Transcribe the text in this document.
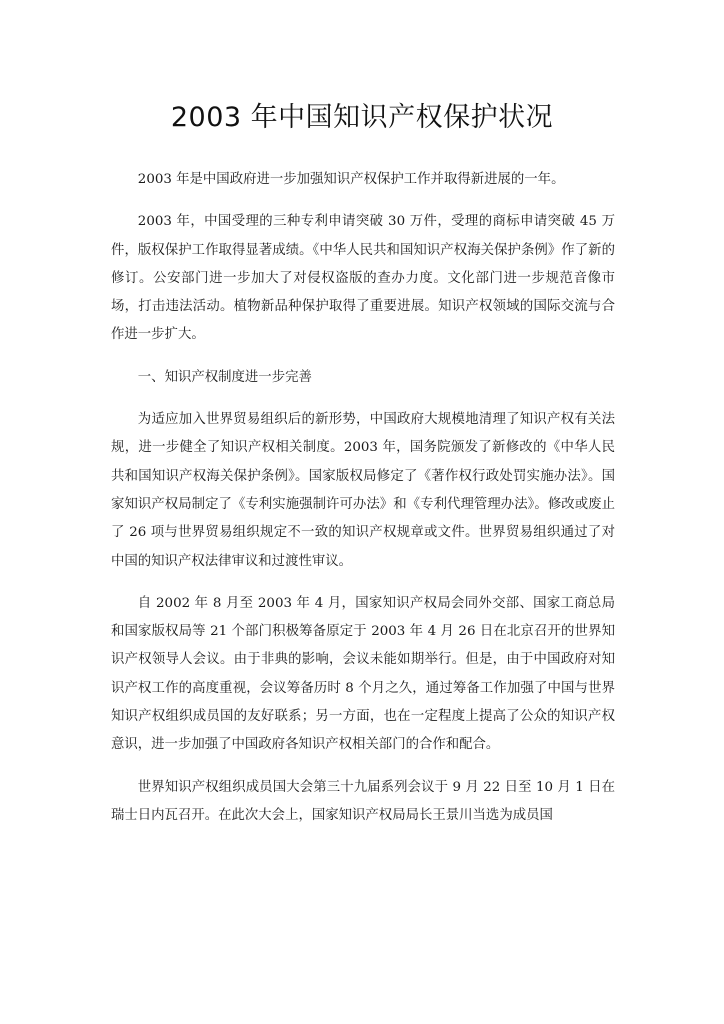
2003 年中国知识产权保护状况

2003 年是中国政府进一步加强知识产权保护工作并取得新进展的一年。

2003 年，中国受理的三种专利申请突破 30 万件，受理的商标申请突破 45 万件，版权保护工作取得显著成绩。《中华人民共和国知识产权海关保护条例》作了新的修订。公安部门进一步加大了对侵权盗版的查办力度。文化部门进一步规范音像市场，打击违法活动。植物新品种保护取得了重要进展。知识产权领域的国际交流与合作进一步扩大。

一、知识产权制度进一步完善

为适应加入世界贸易组织后的新形势，中国政府大规模地清理了知识产权有关法规，进一步健全了知识产权相关制度。2003 年，国务院颁发了新修改的《中华人民共和国知识产权海关保护条例》。国家版权局修定了《著作权行政处罚实施办法》。国家知识产权局制定了《专利实施强制许可办法》和《专利代理管理办法》。修改或废止了 26 项与世界贸易组织规定不一致的知识产权规章或文件。世界贸易组织通过了对中国的知识产权法律审议和过渡性审议。

自 2002 年 8 月至 2003 年 4 月，国家知识产权局会同外交部、国家工商总局和国家版权局等 21 个部门积极筹备原定于 2003 年 4 月 26 日在北京召开的世界知识产权领导人会议。由于非典的影响，会议未能如期举行。但是，由于中国政府对知识产权工作的高度重视，会议筹备历时 8 个月之久，通过筹备工作加强了中国与世界知识产权组织成员国的友好联系；另一方面，也在一定程度上提高了公众的知识产权意识，进一步加强了中国政府各知识产权相关部门的合作和配合。

世界知识产权组织成员国大会第三十九届系列会议于 9 月 22 日至 10 月 1 日在瑞士日内瓦召开。在此次大会上，国家知识产权局局长王景川当选为成员国
